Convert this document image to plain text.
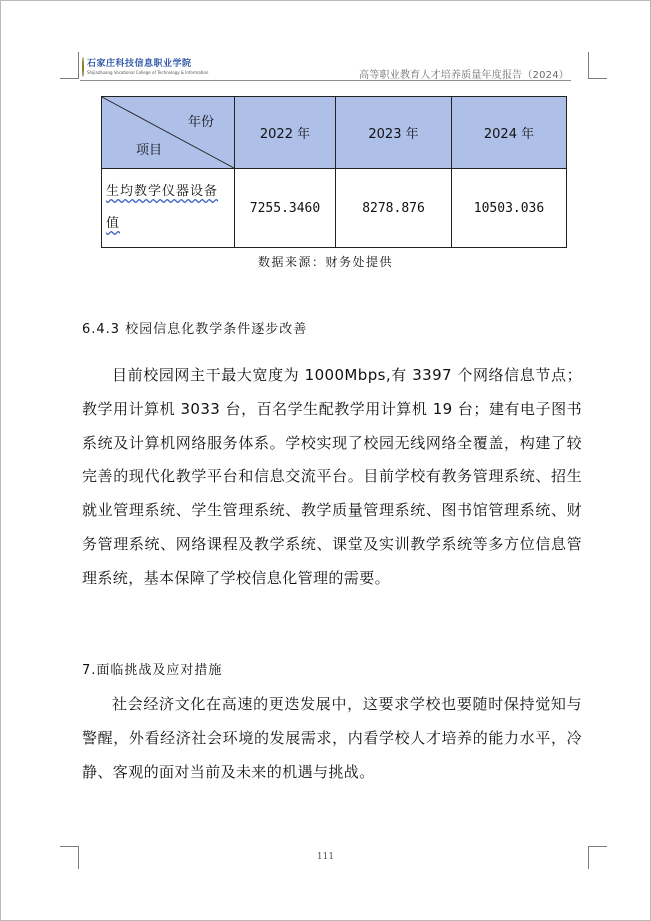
石家庄科技信息职业学院
Shijiazhuang Vocational College of Technology & Information	高等职业教育人才培养质量年度报告（2024）
年份
项目	2022 年	2023 年	2024 年
生均教学仪器设备值	7255.3460	8278.876	10503.036
数据来源：财务处提供
6.4.3 校园信息化教学条件逐步改善

目前校园网主干最大宽度为 1000Mbps,有 3397 个网络信息节点；教学用计算机 3033 台，百名学生配教学用计算机 19 台；建有电子图书系统及计算机网络服务体系。学校实现了校园无线网络全覆盖，构建了较完善的现代化教学平台和信息交流平台。目前学校有教务管理系统、招生就业管理系统、学生管理系统、教学质量管理系统、图书馆管理系统、财务管理系统、网络课程及教学系统、课堂及实训教学系统等多方位信息管理系统，基本保障了学校信息化管理的需要。

7.面临挑战及应对措施

社会经济文化在高速的更迭发展中，这要求学校也要随时保持觉知与警醒，外看经济社会环境的发展需求，内看学校人才培养的能力水平，冷静、客观的面对当前及未来的机遇与挑战。

111
